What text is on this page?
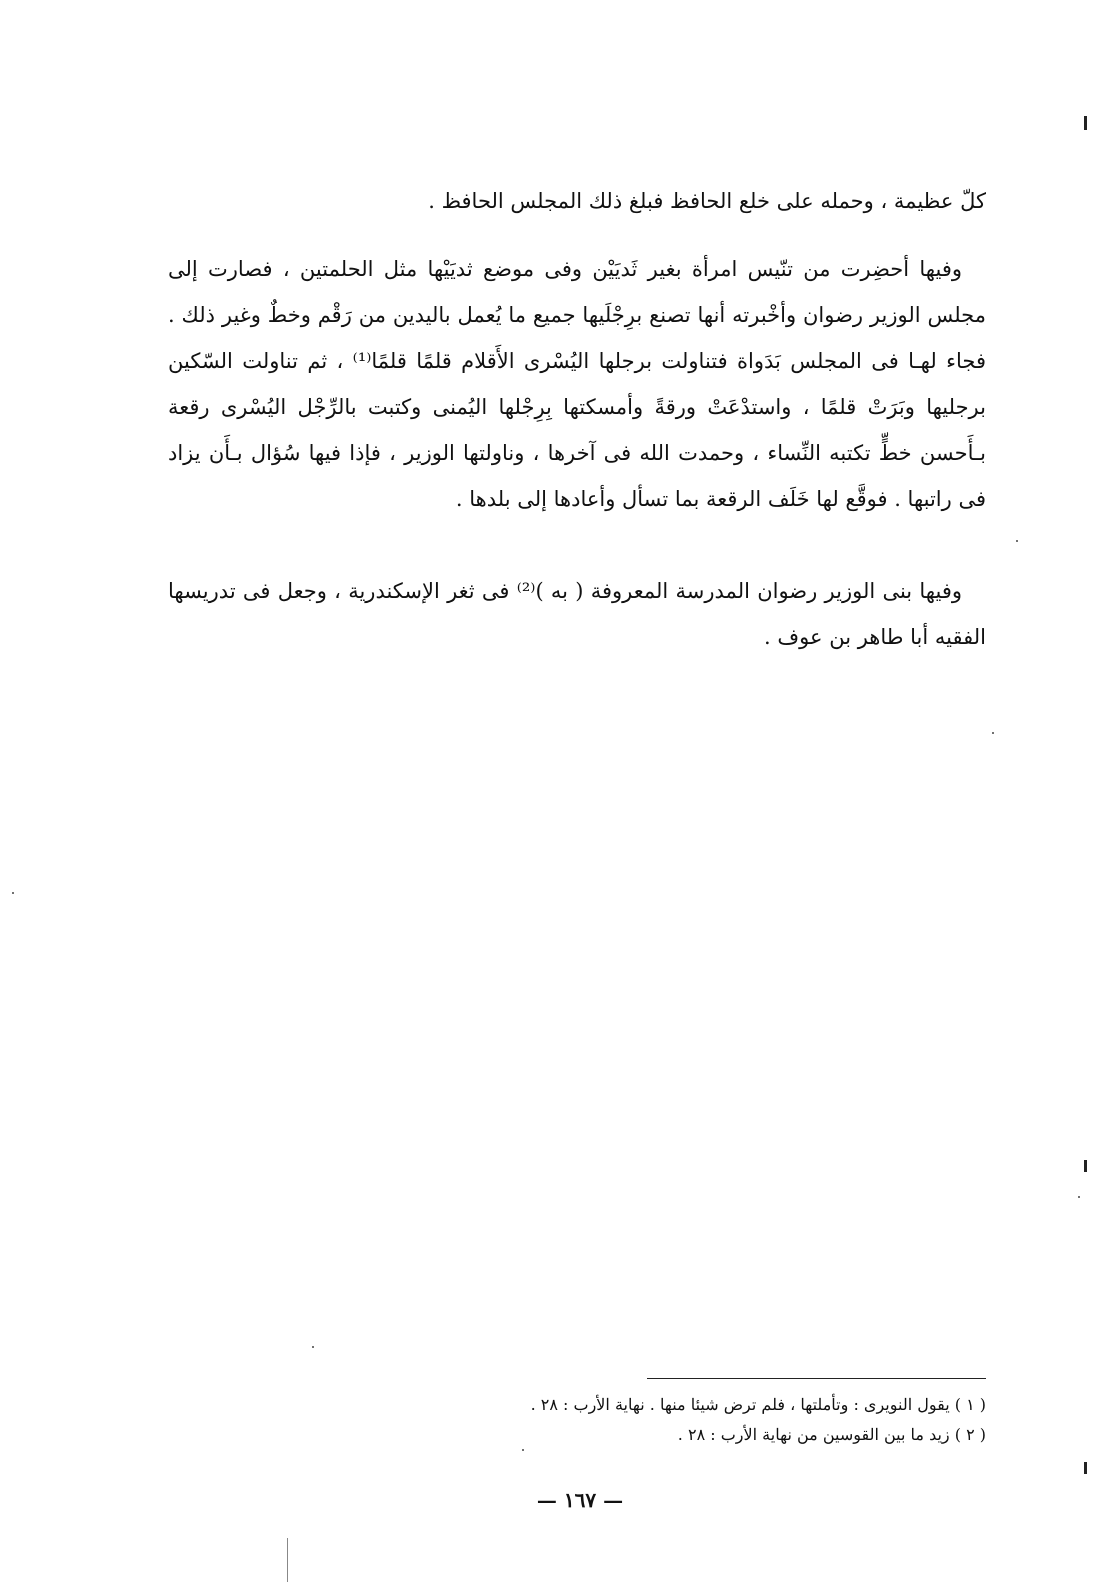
كلّ عظيمة ، وحمله على خلع الحافظ فبلغ ذلك المجلس الحافظ .

وفيها أحضِرت من تنّيس امرأة بغير ثَديَيْن وفى موضع ثديَيْها مثل الحلمتين ، فصارت إلى مجلس الوزير رضوان وأخْبرته أنها تصنع برِجْلَيها جميع ما يُعمل باليدين من رَقْم وخطٌ وغير ذلك . فجاء لهـا فى المجلس بَدَواة فتناولت برجلها اليُسْرى الأَقلام قلمًا قلمًا⁽¹⁾ ، ثم تناولت السّكين برجليها وبَرَتْ قلمًا ، واستدْعَتْ ورقةً وأمسكتها بِرِجْلها اليُمنى وكتبت بالرِّجْل اليُسْرى رقعة بـأَحسن خطٍّ تكتبه النِّساء ، وحمدت الله فى آخرها ، وناولتها الوزير ، فإذا فيها سُؤال بـأَن يزاد فى راتبها . فوقَّع لها خَلَف الرقعة بما تسأل وأعادها إلى بلدها .

وفيها بنى الوزير رضوان المدرسة المعروفة ( به )⁽²⁾ فى ثغر الإسكندرية ، وجعل فى تدريسها الفقيه أبا طاهر بن عوف .

( ١ ) يقول النويرى : وتأملتها ، فلم ترض شيئا منها . نهاية الأرب : ٢٨ .

( ٢ ) زيد ما بين القوسين من نهاية الأرب : ٢٨ .

— ١٦٧ —
